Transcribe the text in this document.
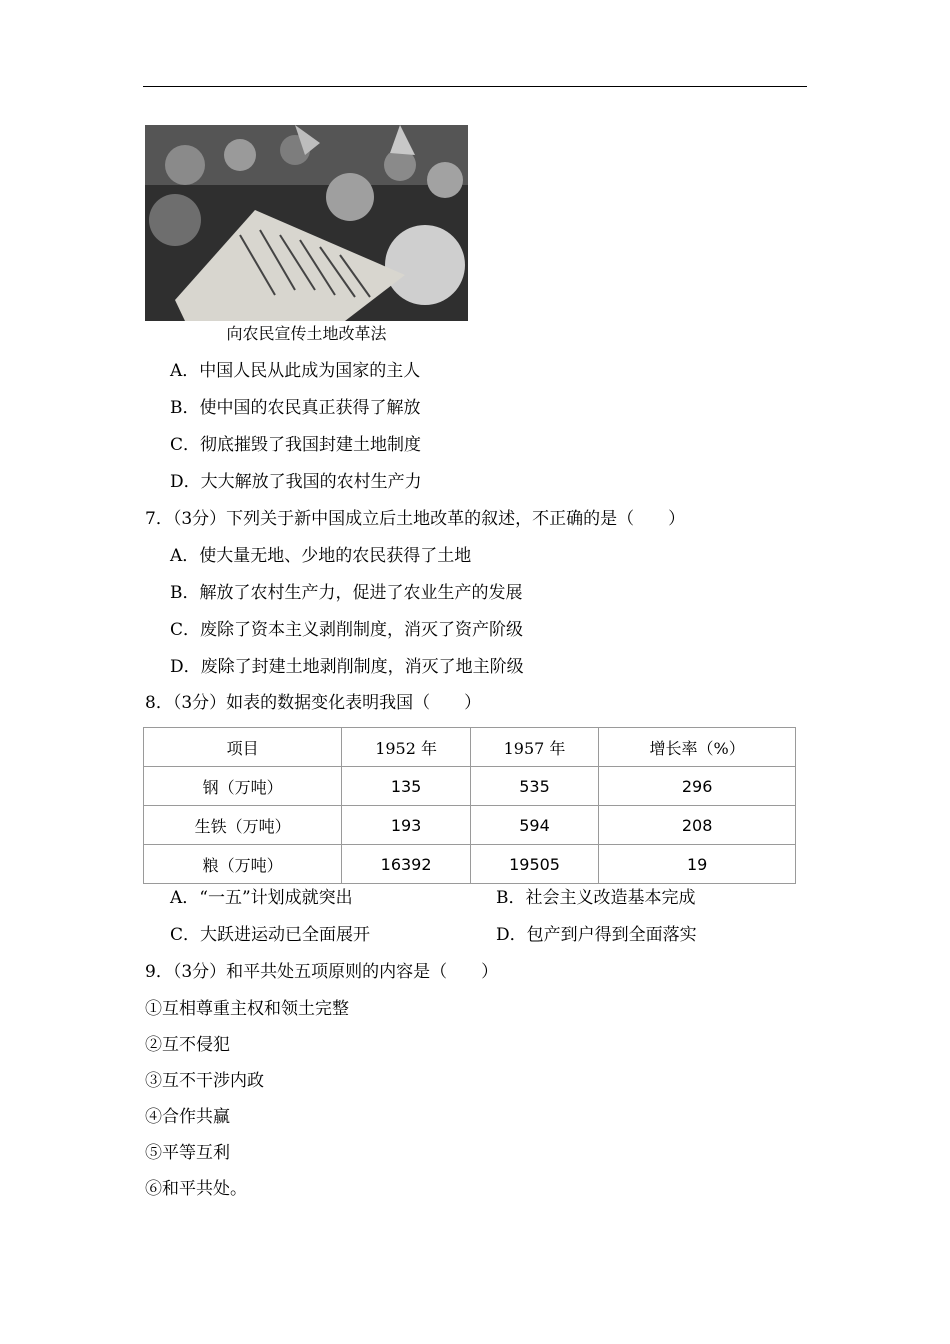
向农民宣传土地改革法
A．中国人民从此成为国家的主人
B．使中国的农民真正获得了解放
C．彻底摧毁了我国封建土地制度
D．大大解放了我国的农村生产力
7．（3分）下列关于新中国成立后土地改革的叙述，不正确的是（　　）
A．使大量无地、少地的农民获得了土地
B．解放了农村生产力，促进了农业生产的发展
C．废除了资本主义剥削制度，消灭了资产阶级
D．废除了封建土地剥削制度，消灭了地主阶级
8．（3分）如表的数据变化表明我国（　　）
项目	1952 年	1957 年	增长率（%）
钢（万吨）	135	535	296
生铁（万吨）	193	594	208
粮（万吨）	16392	19505	19
A．“一五”计划成就突出	B．社会主义改造基本完成
C．大跃进运动已全面展开	D．包产到户得到全面落实
9．（3分）和平共处五项原则的内容是（　　）
①互相尊重主权和领土完整
②互不侵犯
③互不干涉内政
④合作共赢
⑤平等互利
⑥和平共处。
